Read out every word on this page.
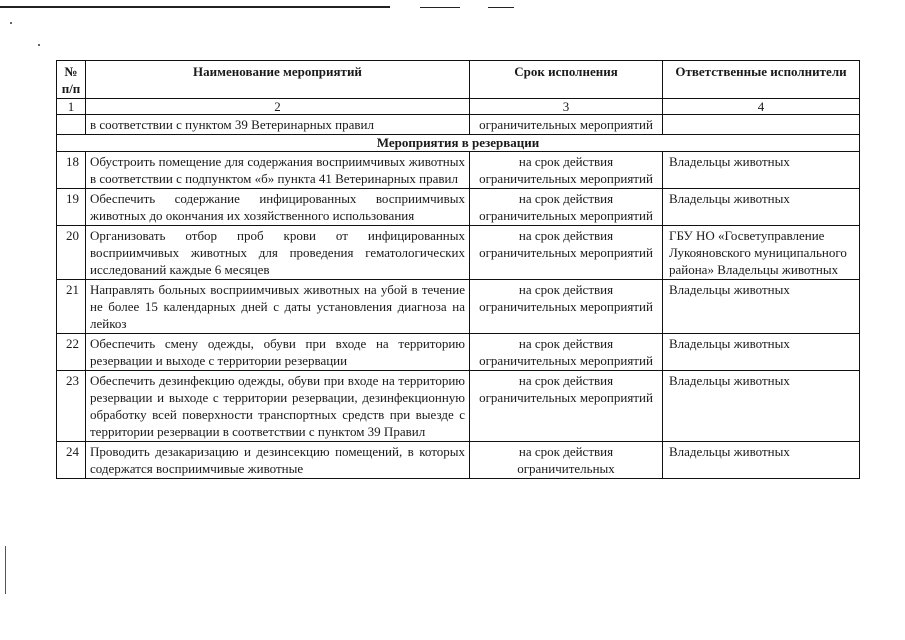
№ п/п	Наименование мероприятий	Срок исполнения	Ответственные исполнители
1	2	3	4
	в соответствии с пунктом 39 Ветеринарных правил	ограничительных мероприятий	
Мероприятия в резервации			
18	Обустроить помещение для содержания восприимчивых животных в соответствии с подпунктом «б» пункта 41 Ветеринарных правил	на срок действия ограничительных мероприятий	Владельцы животных
19	Обеспечить содержание инфицированных восприимчивых животных до окончания их хозяйственного использования	на срок действия ограничительных мероприятий	Владельцы животных
20	Организовать отбор проб крови от инфицированных восприимчивых животных для проведения гематологических исследований каждые 6 месяцев	на срок действия ограничительных мероприятий	ГБУ НО «Госветуправление Лукояновского муниципального района» Владельцы животных
21	Направлять больных восприимчивых животных на убой в течение не более 15 календарных дней с даты установления диагноза на лейкоз	на срок действия ограничительных мероприятий	Владельцы животных
22	Обеспечить смену одежды, обуви при входе на территорию резервации и выходе с территории резервации	на срок действия ограничительных мероприятий	Владельцы животных
23	Обеспечить дезинфекцию одежды, обуви при входе на территорию резервации и выходе с территории резервации, дезинфекционную обработку всей поверхности транспортных средств при выезде с территории резервации в соответствии с пунктом 39 Правил	на срок действия ограничительных мероприятий	Владельцы животных
24	Проводить дезакаризацию и дезинсекцию помещений, в которых содержатся восприимчивые животные	на срок действия ограничительных	Владельцы животных
